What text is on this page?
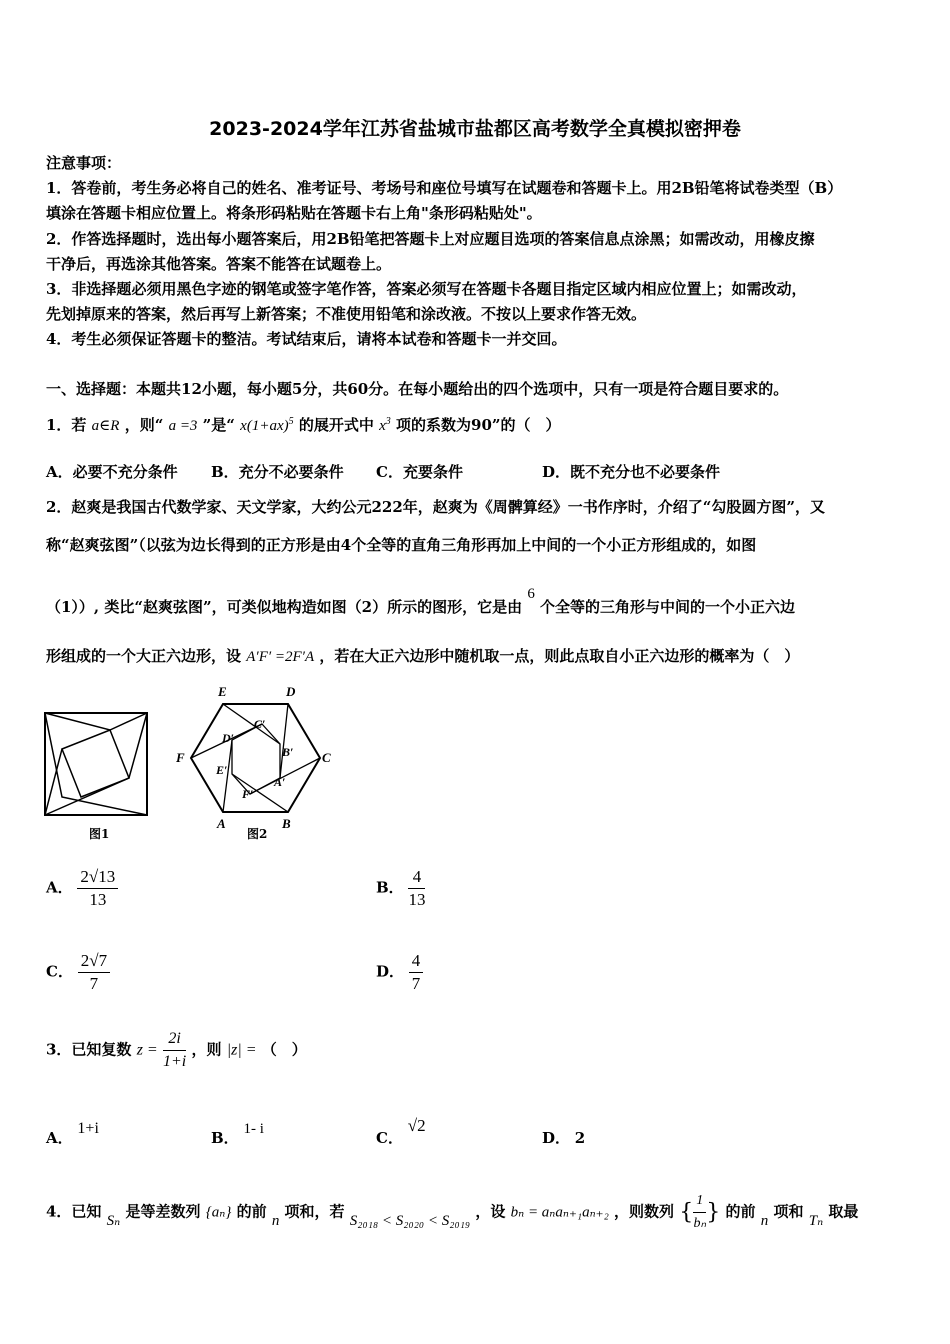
2023-2024学年江苏省盐城市盐都区高考数学全真模拟密押卷
注意事项：
1．答卷前，考生务必将自己的姓名、准考证号、考场号和座位号填写在试题卷和答题卡上。用2B铅笔将试卷类型（B）
填涂在答题卡相应位置上。将条形码粘贴在答题卡右上角"条形码粘贴处"。
2．作答选择题时，选出每小题答案后，用2B铅笔把答题卡上对应题目选项的答案信息点涂黑；如需改动，用橡皮擦
干净后，再选涂其他答案。答案不能答在试题卷上。
3．非选择题必须用黑色字迹的钢笔或签字笔作答，答案必须写在答题卡各题目指定区域内相应位置上；如需改动，
先划掉原来的答案，然后再写上新答案；不准使用铅笔和涂改液。不按以上要求作答无效。
4．考生必须保证答题卡的整洁。考试结束后，请将本试卷和答题卡一并交回。
一、选择题：本题共12小题，每小题5分，共60分。在每小题给出的四个选项中，只有一项是符合题目要求的。
1．若 a∈R ，则“ a =3 ”是“ $x(1+ax)^5$ 的展开式中 $x^3$ 项的系数为90”的（　）
A．必要不充分条件 B．充分不必要条件 C．充要条件	D．既不充分也不必要条件
2．赵爽是我国古代数学家、天文学家，大约公元222年，赵爽为《周髀算经》一书作序时，介绍了“勾股圆方图”，又
称“赵爽弦图”（以弦为边长得到的正方形是由4个全等的直角三角形再加上中间的一个小正方形组成的，如图
（1））, 类比“赵爽弦图”，可类似地构造如图（2）所示的图形，它是由 6 个全等的三角形与中间的一个小正六边
形组成的一个大正六边形，设 A′F′ =2F′A ，若在大正六边形中随机取一点，则此点取自小正六边形的概率为（　）
图1
E	D
C
B
A
F
C′
D′
B′
E′
A′
F′
图2
A． $\frac{2√13}{13}$	B． $\frac{4}{13}$
C． $\frac{2√7}{7}$	D． $\frac{4}{7}$
3．已知复数 $z = \frac{2i}{1+i}$ ，则 |z| = （　）
A． 1+i
B． 1- i	C． √2
D． 2
4．已知 Sₙ 是等差数列 {aₙ} 的前 n 项和，若 S₂₀₁₈ < S₂₀₂₀ < S₂₀₁₉ ，设 bₙ = aₙaₙ₊₁aₙ₊₂ ，则数列 { $\frac{1}{\text{bₙ}}$ } 的前 n 项和 Tₙ 取最
